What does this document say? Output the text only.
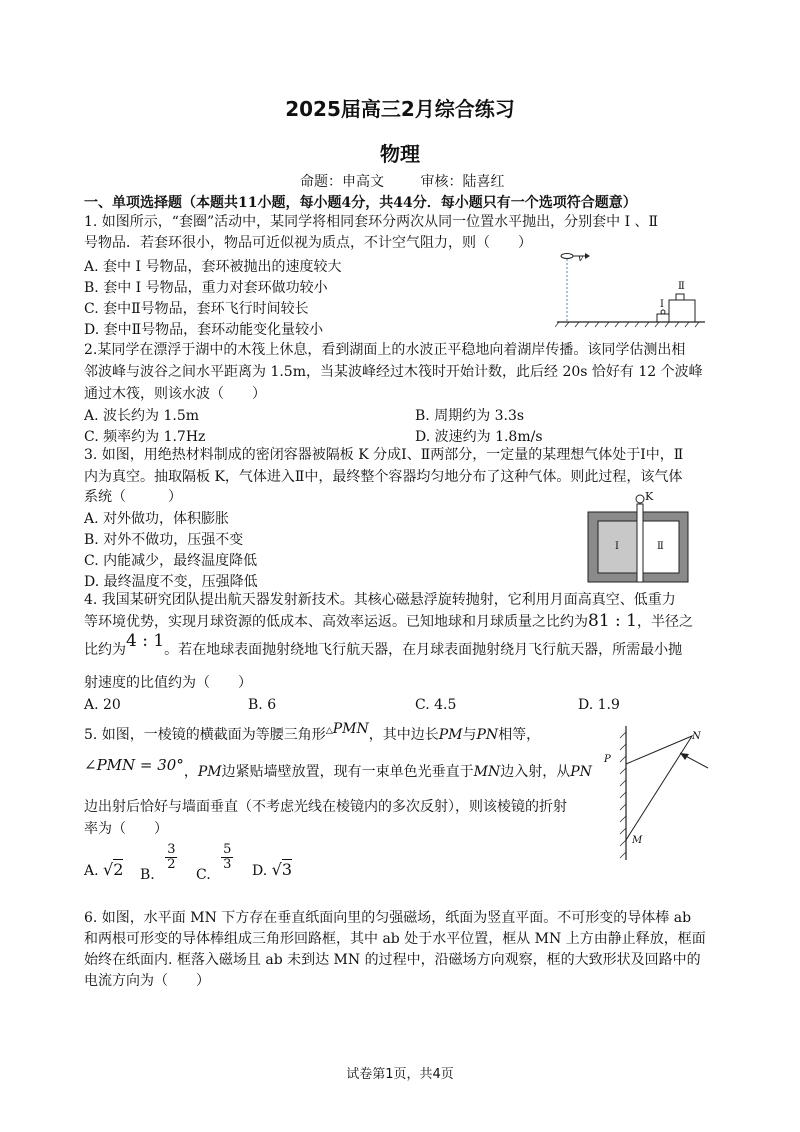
2025届高三2月综合练习
物理
命题：申高文	审核：陆喜红
一、单项选择题（本题共11小题，每小题4分，共44分．每小题只有一个选项符合题意）
1. 如图所示，“套圈”活动中，某同学将相同套环分两次从同一位置水平抛出，分别套中 Ⅰ 、Ⅱ
号物品．若套环很小，物品可近似视为质点，不计空气阻力，则（　　）
A. 套中 Ⅰ 号物品，套环被抛出的速度较大
B. 套中 Ⅰ 号物品，重力对套环做功较小
C. 套中Ⅱ号物品，套环飞行时间较长
D. 套中Ⅱ号物品，套环动能变化量较小
v
Ⅰ
Ⅱ
2.某同学在漂浮于湖中的木筏上休息，看到湖面上的水波正平稳地向着湖岸传播。该同学估测出相
邻波峰与波谷之间水平距离为 1.5m，当某波峰经过木筏时开始计数，此后经 20s 恰好有 12 个波峰
通过木筏，则该水波（　　）
A. 波长约为 1.5m	B. 周期约为 3.3s
C. 频率约为 1.7Hz	D. 波速约为 1.8m/s
3. 如图，用绝热材料制成的密闭容器被隔板 K 分成Ⅰ、Ⅱ两部分，一定量的某理想气体处于Ⅰ中，Ⅱ
内为真空。抽取隔板 K，气体进入Ⅱ中，最终整个容器均匀地分布了这种气体。则此过程，该气体
系统（　　　）
A. 对外做功，体积膨胀
B. 对外不做功，压强不变
C. 内能减少，最终温度降低
D. 最终温度不变，压强降低
K
Ⅰ	Ⅱ
4. 我国某研究团队提出航天器发射新技术。其核心磁悬浮旋转抛射，它利用月面高真空、低重力
等环境优势，实现月球资源的低成本、高效率运返。已知地球和月球质量之比约为81 : 1，半径之
比约为4 : 1。若在地球表面抛射绕地飞行航天器，在月球表面抛射绕月飞行航天器，所需最小抛
射速度的比值约为（　　）
A. 20	B. 6	C. 4.5	D. 1.9
5. 如图，一棱镜的横截面为等腰三角形△PMN，其中边长PM与PN相等，
∠PMN = 30°，PM边紧贴墙壁放置，现有一束单色光垂直于MN边入射，从PN
边出射后恰好与墙面垂直（不考虑光线在棱镜内的多次反射），则该棱镜的折射
率为（　　）
A. √2 B.
$\frac{3}{2}$
C.
$\frac{5}{3} D$. √3
P
N
M
6. 如图，水平面 MN 下方存在垂直纸面向里的匀强磁场，纸面为竖直平面。不可形变的导体棒 ab
和两根可形变的导体棒组成三角形回路框，其中 ab 处于水平位置，框从 MN 上方由静止释放，框面
始终在纸面内. 框落入磁场且 ab 未到达 MN 的过程中，沿磁场方向观察，框的大致形状及回路中的
电流方向为（　　）
试卷第1页，共4页
